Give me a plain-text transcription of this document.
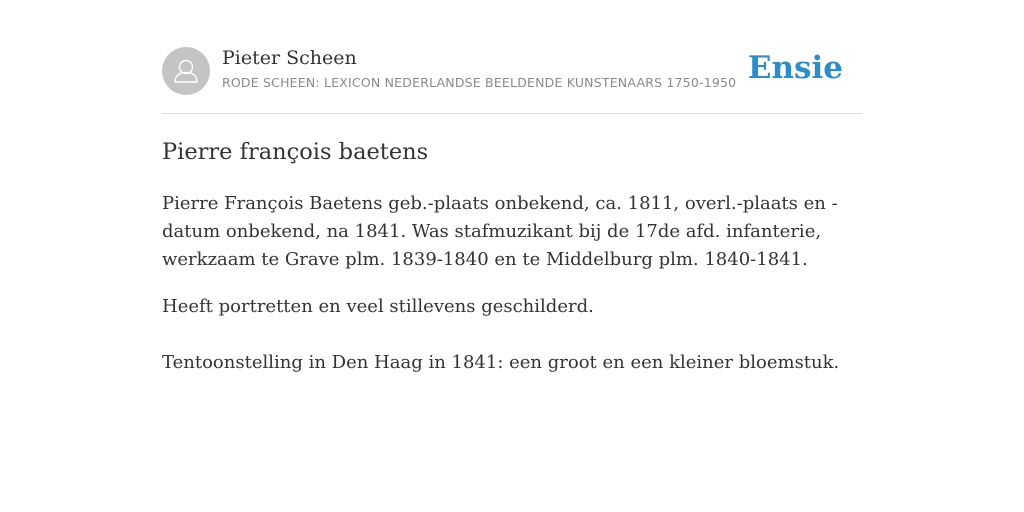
Pieter Scheen
RODE SCHEEN: LEXICON NEDERLANDSE BEELDENDE KUNSTENAARS 1750-1950 Ensie
Pierre françois baetens

Pierre François Baetens geb.-plaats onbekend, ca. 1811, overl.-plaats en -datum onbekend, na 1841. Was stafmuzikant bij de 17de afd. infanterie, werkzaam te Grave plm. 1839-1840 en te Middelburg plm. 1840-1841.

Heeft portretten en veel stillevens geschilderd.

Tentoonstelling in Den Haag in 1841: een groot en een kleiner bloemstuk.
